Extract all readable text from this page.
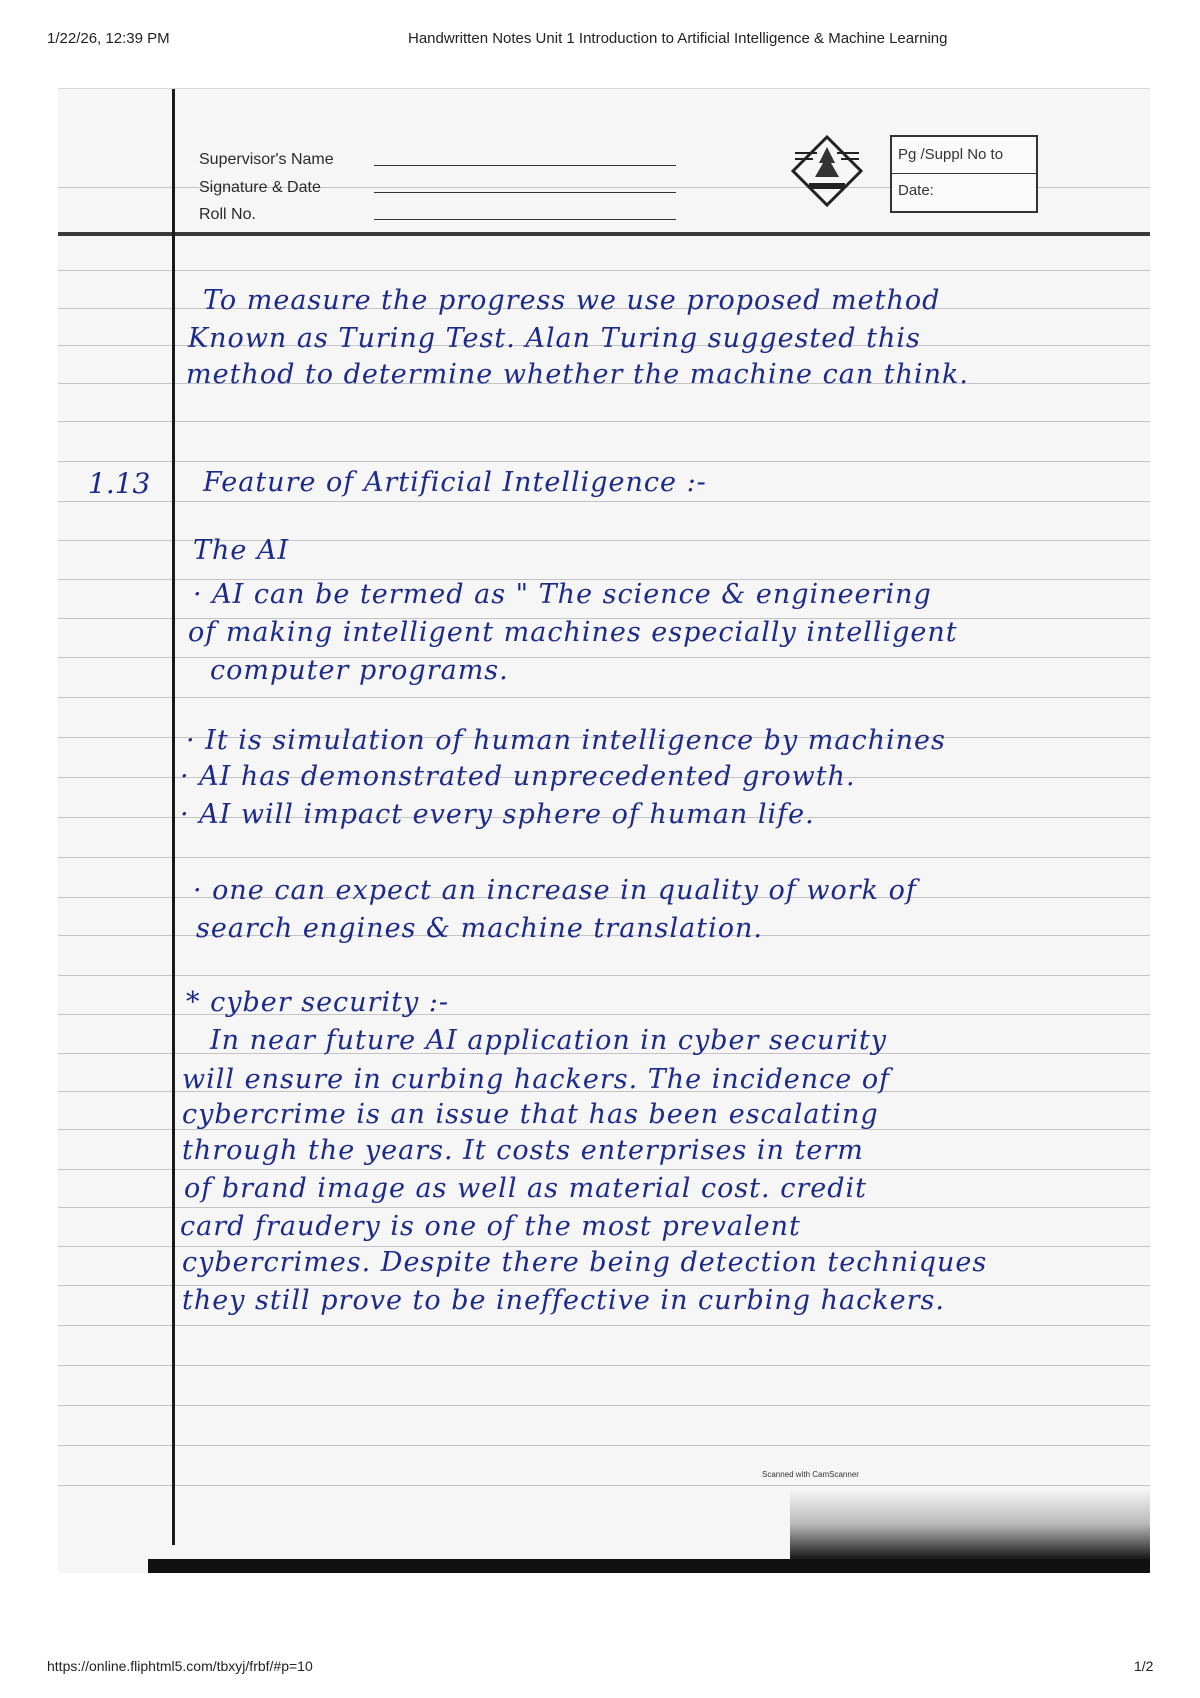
1/22/26, 12:39 PM	Handwritten Notes Unit 1 Introduction to Artificial Intelligence & Machine Learning
Supervisor's Name
Signature & Date
Roll No.
Pg /Suppl No to
Date:
To measure the progress we use proposed method
Known as Turing Test. Alan Turing suggested this
method to determine whether the machine can think.
1.13 Feature of Artificial Intelligence :-
The AI
· AI can be termed as " The science & engineering
of making intelligent machines especially intelligent
computer programs.
· It is simulation of human intelligence by machines
· AI has demonstrated unprecedented growth.
· AI will impact every sphere of human life.
· one can expect an increase in quality of work of
search engines & machine translation.
* cyber security :-
In near future AI application in cyber security
will ensure in curbing hackers. The incidence of
cybercrime is an issue that has been escalating
through the years. It costs enterprises in term
of brand image as well as material cost. credit
card fraudery is one of the most prevalent
cybercrimes. Despite there being detection techniques
they still prove to be ineffective in curbing hackers.
Scanned with CamScanner
https://online.fliphtml5.com/tbxyj/frbf/#p=10	1/2
